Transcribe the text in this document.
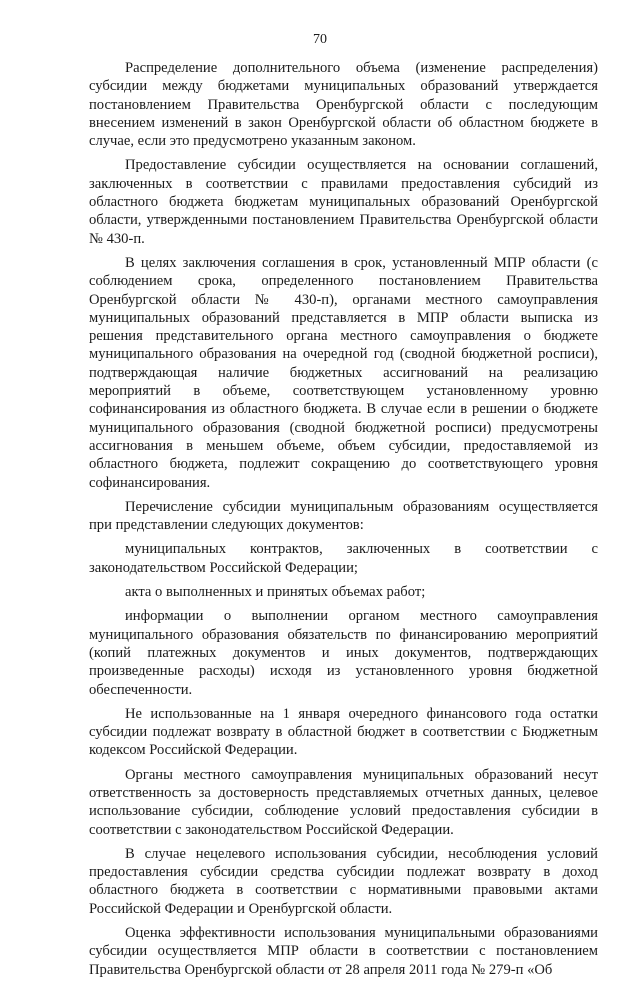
70

Распределение дополнительного объема (изменение распределения) субсидии между бюджетами муниципальных образований утверждается постановлением Правительства Оренбургской области с последующим внесением изменений в закон Оренбургской области об областном бюджете в случае, если это предусмотрено указанным законом.

Предоставление субсидии осуществляется на основании соглашений, заключенных в соответствии с правилами предоставления субсидий из областного бюджета бюджетам муниципальных образований Оренбургской области, утвержденными постановлением Правительства Оренбургской области № 430-п.

В целях заключения соглашения в срок, установленный МПР области (с соблюдением срока, определенного постановлением Правительства Оренбургской области № 430-п), органами местного самоуправления муниципальных образований представляется в МПР области выписка из решения представительного органа местного самоуправления о бюджете муниципального образования на очередной год (сводной бюджетной росписи), подтверждающая наличие бюджетных ассигнований на реализацию мероприятий в объеме, соответствующем установленному уровню софинансирования из областного бюджета. В случае если в решении о бюджете муниципального образования (сводной бюджетной росписи) предусмотрены ассигнования в меньшем объеме, объем субсидии, предоставляемой из областного бюджета, подлежит сокращению до соответствующего уровня софинансирования.

Перечисление субсидии муниципальным образованиям осуществляется при представлении следующих документов:

муниципальных контрактов, заключенных в соответствии с законодательством Российской Федерации;

акта о выполненных и принятых объемах работ;

информации о выполнении органом местного самоуправления муниципального образования обязательств по финансированию мероприятий (копий платежных документов и иных документов, подтверждающих произведенные расходы) исходя из установленного уровня бюджетной обеспеченности.

Не использованные на 1 января очередного финансового года остатки субсидии подлежат возврату в областной бюджет в соответствии с Бюджетным кодексом Российской Федерации.

Органы местного самоуправления муниципальных образований несут ответственность за достоверность представляемых отчетных данных, целевое использование субсидии, соблюдение условий предоставления субсидии в соответствии с законодательством Российской Федерации.

В случае нецелевого использования субсидии, несоблюдения условий предоставления субсидии средства субсидии подлежат возврату в доход областного бюджета в соответствии с нормативными правовыми актами Российской Федерации и Оренбургской области.

Оценка эффективности использования муниципальными образованиями субсидии осуществляется МПР области в соответствии с постановлением Правительства Оренбургской области от 28 апреля 2011 года № 279-п «Об
